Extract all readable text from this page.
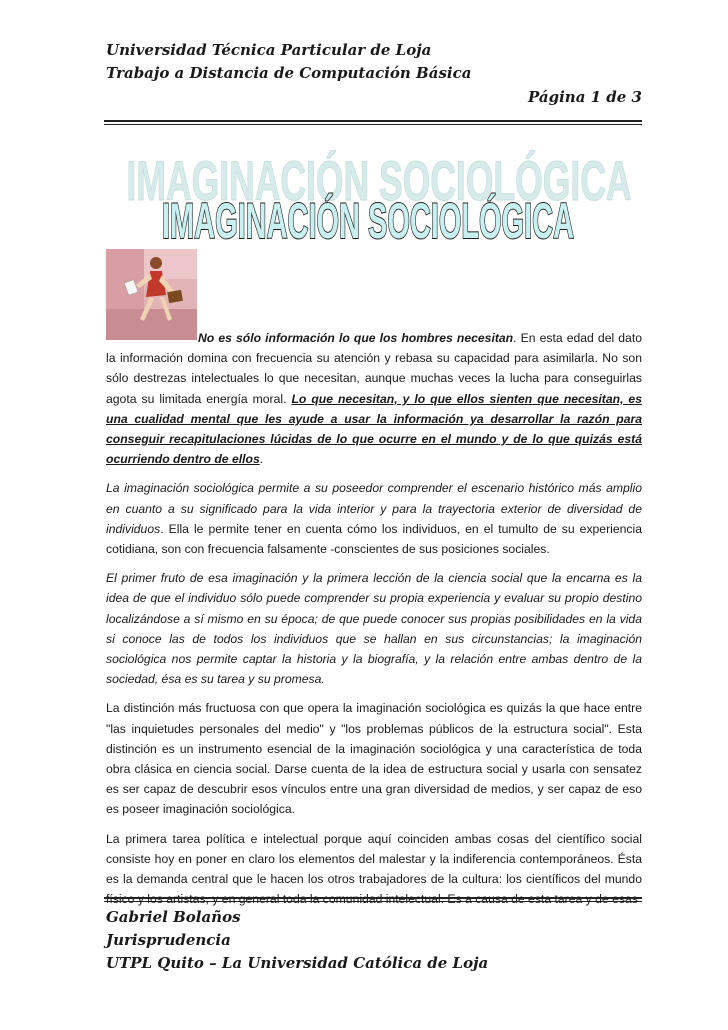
Universidad Técnica Particular de Loja
Trabajo a Distancia de Computación Básica
Página 1 de 3
IMAGINACIÓN SOCIOLÓGICA
IMAGINACIÓN SOCIOLÓGICA

No es sólo información lo que los hombres necesitan. En esta edad del dato la información domina con frecuencia su atención y rebasa su capacidad para asimilarla. No son sólo destrezas intelectuales lo que necesitan, aunque muchas veces la lucha para conseguirlas agota su limitada energía moral. Lo que necesitan, y lo que ellos sienten que necesitan, es una cualidad mental que les ayude a usar la información ya desarrollar la razón para conseguir recapitulaciones lúcidas de lo que ocurre en el mundo y de lo que quizás está ocurriendo dentro de ellos.

La imaginación sociológica permite a su poseedor comprender el escenario histórico más amplio en cuanto a su significado para la vida interior y para la trayectoria exterior de diversidad de individuos. Ella le permite tener en cuenta cómo los individuos, en el tumulto de su experiencia cotidiana, son con frecuencia falsamente -conscientes de sus posiciones sociales.

El primer fruto de esa imaginación y la primera lección de la ciencia social que la encarna es la idea de que el individuo sólo puede comprender su propia experiencia y evaluar su propio destino localizándose a sí mismo en su época; de que puede conocer sus propias posibilidades en la vida si conoce las de todos los individuos que se hallan en sus circunstancias; la imaginación sociológica nos permite captar la historia y la biografía, y la relación entre ambas dentro de la sociedad, ésa es su tarea y su promesa.

La distinción más fructuosa con que opera la imaginación sociológica es quizás la que hace entre "las inquietudes personales del medio" y "los problemas públicos de la estructura social". Esta distinción es un instrumento esencial de la imaginación sociológica y una característica de toda obra clásica en ciencia social. Darse cuenta de la idea de estructura social y usarla con sensatez es ser capaz de descubrir esos vínculos entre una gran diversidad de medios, y ser capaz de eso es poseer imaginación sociológica.

La primera tarea política e intelectual porque aquí coinciden ambas cosas del científico social consiste hoy en poner en claro los elementos del malestar y la indiferencia contemporáneos. Ésta es la demanda central que le hacen los otros trabajadores de la cultura: los científicos del mundo físico y los artistas, y en general toda la comunidad intelectual. Es a causa de esta tarea y de esas

Gabriel Bolaños
Jurisprudencia
UTPL Quito – La Universidad Católica de Loja
